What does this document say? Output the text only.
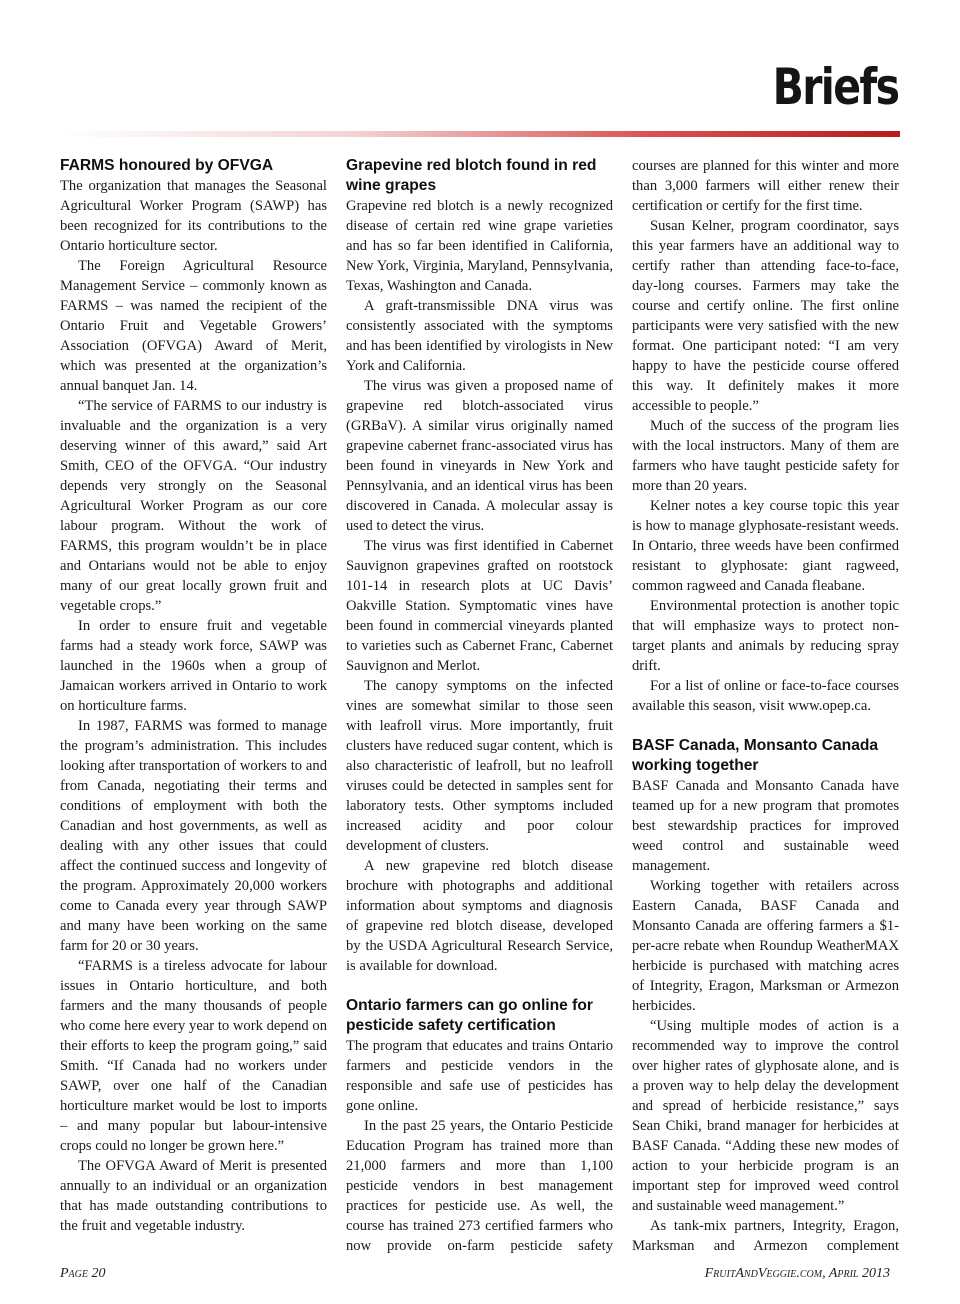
Briefs
FARMS honoured by OFVGA

The organization that manages the Seasonal Agricultural Worker Program (SAWP) has been recognized for its contributions to the Ontario horticulture sector.

The Foreign Agricultural Resource Management Service – commonly known as FARMS – was named the recipient of the Ontario Fruit and Vegetable Growers’ Association (OFVGA) Award of Merit, which was presented at the organization’s annual banquet Jan. 14.

“The service of FARMS to our industry is invaluable and the organization is a very deserving winner of this award,” said Art Smith, CEO of the OFVGA. “Our industry depends very strongly on the Seasonal Agricultural Worker Program as our core labour program. Without the work of FARMS, this program wouldn’t be in place and Ontarians would not be able to enjoy many of our great locally grown fruit and vegetable crops.”

In order to ensure fruit and vegetable farms had a steady work force, SAWP was launched in the 1960s when a group of Jamaican workers arrived in Ontario to work on horticulture farms.

In 1987, FARMS was formed to manage the program’s administration. This includes looking after transportation of workers to and from Canada, negotiating their terms and conditions of employment with both the Canadian and host governments, as well as dealing with any other issues that could affect the continued success and longevity of the program. Approximately 20,000 workers come to Canada every year through SAWP and many have been working on the same farm for 20 or 30 years.

“FARMS is a tireless advocate for labour issues in Ontario horticulture, and both farmers and the many thousands of people who come here every year to work depend on their efforts to keep the program going,” said Smith. “If Canada had no workers under SAWP, over one half of the Canadian horticulture market would be lost to imports – and many popular but labour-intensive crops could no longer be grown here.”

The OFVGA Award of Merit is presented annually to an individual or an organization that has made outstanding contributions to the fruit and vegetable industry.

Grapevine red blotch found in red wine grapes

Grapevine red blotch is a newly recognized disease of certain red wine grape varieties and has so far been identified in California, New York, Virginia, Maryland, Pennsylvania, Texas, Washington and Canada.

A graft-transmissible DNA virus was consistently associated with the symptoms and has been identified by virologists in New York and California.

The virus was given a proposed name of grapevine red blotch-associated virus (GRBaV). A similar virus originally named grapevine cabernet franc-associated virus has been found in vineyards in New York and Pennsylvania, and an identical virus has been discovered in Canada. A molecular assay is used to detect the virus.

The virus was first identified in Cabernet Sauvignon grapevines grafted on rootstock 101-14 in research plots at UC Davis’ Oakville Station. Symptomatic vines have been found in commercial vineyards planted to varieties such as Cabernet Franc, Cabernet Sauvignon and Merlot.

The canopy symptoms on the infected vines are somewhat similar to those seen with leafroll virus. More importantly, fruit clusters have reduced sugar content, which is also characteristic of leafroll, but no leafroll viruses could be detected in samples sent for laboratory tests. Other symptoms included increased acidity and poor colour development of clusters.

A new grapevine red blotch disease brochure with photographs and additional information about symptoms and diagnosis of grapevine red blotch disease, developed by the USDA Agricultural Research Service, is available for download.

Ontario farmers can go online for pesticide safety certification

The program that educates and trains Ontario farmers and pesticide vendors in the responsible and safe use of pesticides has gone online.

In the past 25 years, the Ontario Pesticide Education Program has trained more than 21,000 farmers and more than 1,100 pesticide vendors in best management practices for pesticide use. As well, the course has trained 273 certified farmers who now provide on-farm pesticide safety

courses are planned for this winter and more than 3,000 farmers will either renew their certification or certify for the first time.

Susan Kelner, program coordinator, says this year farmers have an additional way to certify rather than attending face-to-face, day-long courses. Farmers may take the course and certify online. The first online participants were very satisfied with the new format. One participant noted: “I am very happy to have the pesticide course offered this way. It definitely makes it more accessible to people.”

Much of the success of the program lies with the local instructors. Many of them are farmers who have taught pesticide safety for more than 20 years.

Kelner notes a key course topic this year is how to manage glyphosate-resistant weeds. In Ontario, three weeds have been confirmed resistant to glyphosate: giant ragweed, common ragweed and Canada fleabane.

Environmental protection is another topic that will emphasize ways to protect non-target plants and animals by reducing spray drift.

For a list of online or face-to-face courses available this season, visit www.opep.ca.

BASF Canada, Monsanto Canada working together

BASF Canada and Monsanto Canada have teamed up for a new program that promotes best stewardship practices for improved weed control and sustainable weed management.

Working together with retailers across Eastern Canada, BASF Canada and Monsanto Canada are offering farmers a $1-per-acre rebate when Roundup WeatherMAX herbicide is purchased with matching acres of Integrity, Eragon, Marksman or Armezon herbicides.

“Using multiple modes of action is a recommended way to improve the control over higher rates of glyphosate alone, and is a proven way to help delay the development and spread of herbicide resistance,” says Sean Chiki, brand manager for herbicides at BASF Canada. “Adding these new modes of action to your herbicide program is an important step for improved weed control and sustainable weed management.”

As tank-mix partners, Integrity, Eragon, Marksman and Armezon complement

Page 20	FruitAndVeggie.com, April 2013
